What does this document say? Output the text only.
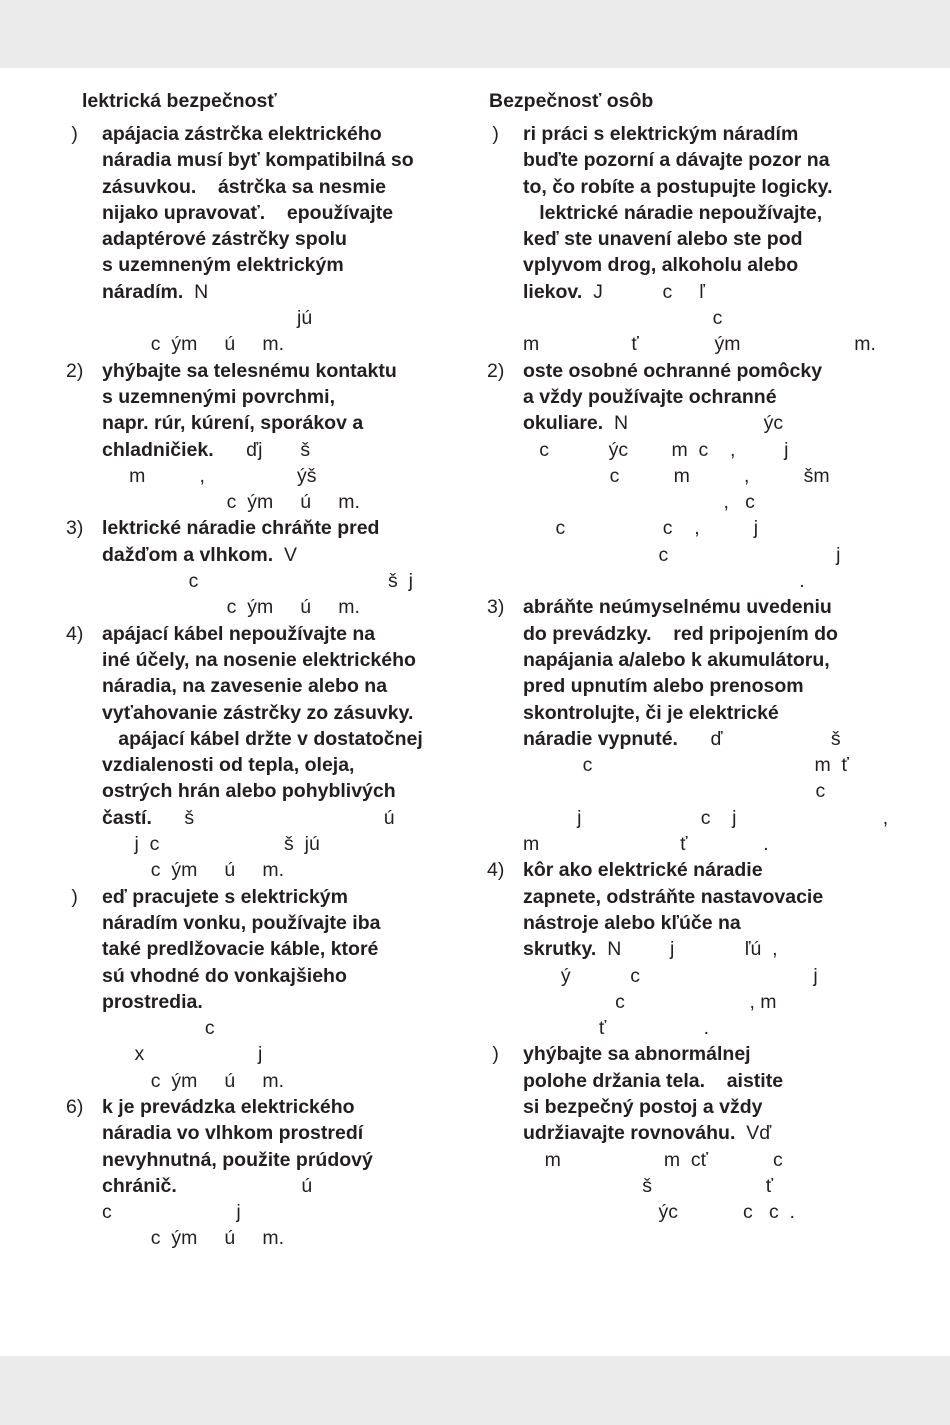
lektrická bezpečnosť
)	apájacia zástrčka elektrického
náradia musí byť kompatibilná so
zásuvkou.    ástrčka sa nesmie
nijako upravovať.    epoužívajte
adaptérové zástrčky spolu
s uzemneným elektrickým
náradím.  N
jú
c  ým     ú     m.
2) yhýbajte sa telesnému kontaktu
s uzemnenými povrchmi,
napr. rúr, kúrení, sporákov a
chladničiek.      ďj       š
m          ,                 ýš
c  ým     ú     m.
3) lektrické náradie chráňte pred
dažďom a vlhkom.  V
c                                   š  j
c  ým     ú     m.
4) apájací kábel nepoužívajte na
iné účely, na nosenie elektrického
náradia, na zavesenie alebo na
vyťahovanie zástrčky zo zásuvky.
apájací kábel držte v dostatočnej
vzdialenosti od tepla, oleja,
ostrých hrán alebo pohyblivých
častí.      š                                   ú
j  c                       š  jú
c  ým     ú     m.
)	eď pracujete s elektrickým
náradím vonku, používajte iba
také predlžovacie káble, ktoré
sú vhodné do vonkajšieho
prostredia.
c
x                     j
c  ým     ú     m.
6) k je prevádzka elektrického
náradia vo vlhkom prostredí
nevyhnutná, použite prúdový
chránič.                       ú
c                       j
c  ým     ú     m.
Bezpečnosť osôb
)	ri práci s elektrickým náradím
buďte pozorní a dávajte pozor na
to, čo robíte a postupujte logicky.
lektrické náradie nepoužívajte,
keď ste unavení alebo ste pod
vplyvom drog, alkoholu alebo
liekov.  J           c     ľ
c
m                 ť              ým                     m.
2) oste osobné ochranné pomôcky
a vždy používajte ochranné
okuliare.  N                         ýc
c           ýc        m  c    ,         j
c          m          ,          šm
,   c
c                  c    ,          j
c                               j
.
3) abráňte neúmyselnému uvedeniu
do prevádzky.    red pripojením do
napájania a/alebo k akumulátoru,
pred upnutím alebo prenosom
skontrolujte, či je elektrické
náradie vypnuté.      ď                    š
c                                         m  ť
c
j                      c    j                           ,
m                          ť              .
4) kôr ako elektrické náradie
zapnete, odstráňte nastavovacie
nástroje alebo kľúče na
skrutky.  N         j             ľú  ,
ý           c                                j
c                       , m
ť                  .
)	yhýbajte sa abnormálnej
polohe držania tela.    aistite
si bezpečný postoj a vždy
udržiavajte rovnováhu.  Vď
m                   m  cť            c
š                     ť
ýc            c   c  .
